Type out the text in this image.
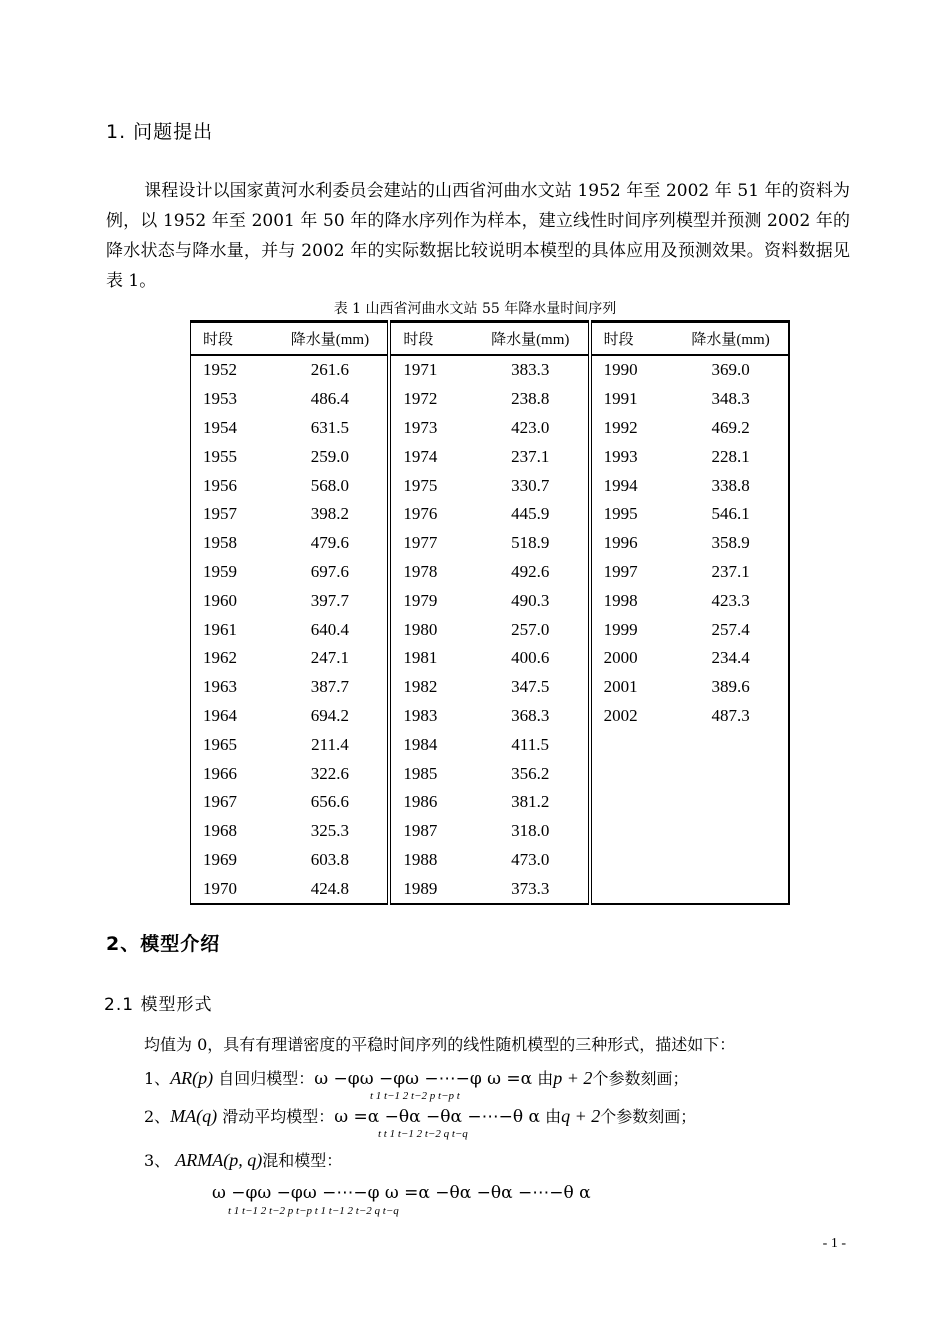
1. 问题提出
课程设计以国家黄河水利委员会建站的山西省河曲水文站 1952 年至 2002 年 51 年的资料为例，以 1952 年至 2001 年 50 年的降水序列作为样本，建立线性时间序列模型并预测 2002 年的降水状态与降水量，并与 2002 年的实际数据比较说明本模型的具体应用及预测效果。资料数据见表 1。
表 1 山西省河曲水文站 55 年降水量时间序列
时段	降水量(mm)	时段	降水量(mm)	时段	降水量(mm)
1952	261.6	1971	383.3	1990	369.0
1953	486.4	1972	238.8	1991	348.3
1954	631.5	1973	423.0	1992	469.2
1955	259.0	1974	237.1	1993	228.1
1956	568.0	1975	330.7	1994	338.8
1957	398.2	1976	445.9	1995	546.1
1958	479.6	1977	518.9	1996	358.9
1959	697.6	1978	492.6	1997	237.1
1960	397.7	1979	490.3	1998	423.3
1961	640.4	1980	257.0	1999	257.4
1962	247.1	1981	400.6	2000	234.4
1963	387.7	1982	347.5	2001	389.6
1964	694.2	1983	368.3	2002	487.3
1965	211.4	1984	411.5		
1966	322.6	1985	356.2		
1967	656.6	1986	381.2		
1968	325.3	1987	318.0		
1969	603.8	1988	473.0		
1970	424.8	1989	373.3		
2、模型介绍
2.1 模型形式
均值为 0，具有有理谱密度的平稳时间序列的线性随机模型的三种形式，描述如下：
1、AR(p) 自回归模型：ω −φω −φω −⋯−φ ω =α 由p + 2个参数刻画；
t 1 t−1 2 t−2 p t−p t
2、MA(q) 滑动平均模型：ω =α −θα −θα −⋯−θ α 由q + 2个参数刻画；
t t 1 t−1 2 t−2 q t−q
3、 ARMA(p, q)混和模型：
ω −φω −φω −⋯−φ ω =α −θα −θα −⋯−θ α
t 1 t−1 2 t−2 p t−p t 1 t−1 2 t−2 q t−q
- 1 -
